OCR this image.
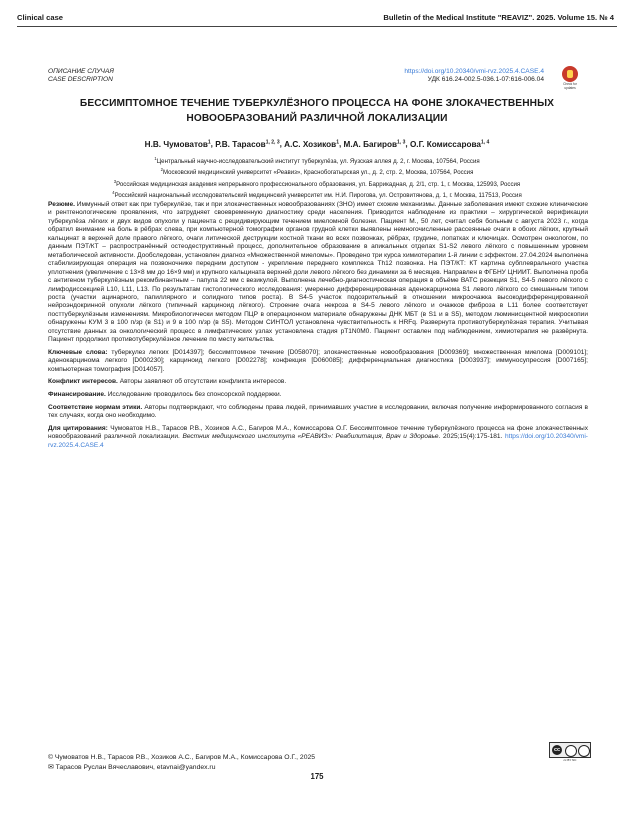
Clinical case	Bulletin of the Medical Institute "REAVIZ". 2025. Volume 15. № 4
ОПИСАНИЕ СЛУЧАЯ
CASE DESCRIPTION
https://doi.org/10.20340/vmi-rvz.2025.4.CASE.4
УДК 616.24-002.5-036.1-07:616-006.04
Check for updates
БЕССИМПТОМНОЕ ТЕЧЕНИЕ ТУБЕРКУЛЁЗНОГО ПРОЦЕССА НА ФОНЕ ЗЛОКАЧЕСТВЕННЫХ НОВООБРАЗОВАНИЙ РАЗЛИЧНОЙ ЛОКАЛИЗАЦИИ
Н.В. Чумоватов$^1$, Р.В. Тарасов$^{1, 2, 3}$, А.С. Хозиков$^1$, М.А. Багиров$^{1, 3}$, О.Г. Комиссарова$^{1, 4}$
$^1$Центральный научно-исследовательский институт туберкулёза, ул. Яузская аллея д. 2, г. Москва, 107564, Россия
$^2$Московский медицинский университет «Реавиз», Краснобогатырская ул., д. 2, стр. 2, Москва, 107564, Россия
$^3$Российская медицинская академия непрерывного профессионального образования, ул. Баррикадная, д. 2/1, стр. 1, г. Москва, 125993, Россия
$^4$Российский национальный исследовательский медицинский университет им. Н.И. Пирогова, ул. Островитянова, д. 1, г. Москва, 117513, Россия

Резюме. Иммунный ответ как при туберкулёзе, так и при злокачественных новообразованиях (ЗНО) имеет схожие механизмы. Данные заболевания имеют схожие клинические и рентгенологические проявления, что затрудняет своевременную диагностику среди населения. Приводится наблюдение из практики – хирургической верификации туберкулёза лёгких и двух видов опухоли у пациента с рецидивирующим течением миеломной болезни. Пациент М., 50 лет, считал себя больным с августа 2023 г., когда обратил внимание на боль в рёбрах слева, при компьютерной томографии органов грудной клетки выявлены немногочисленные рассеянные очаги в обоих лёгких, крупный кальцинат в верхней доле правого лёгкого, очаги литической деструкции костной ткани во всех позвонках, рёбрах, грудине, лопатках и ключицах. Осмотрен онкологом, по данным ПЭТ/КТ – распространённый остеодеструктивный процесс, дополнительное образование в апикальных отделах S1-S2 левого лёгкого с повышенным уровнем метаболической активности. Дообследован, установлен диагноз «Множественной миеломы». Проведено три курса химиотерапии 1-й линии с эффектом. 27.04.2024 выполнена стабилизирующая операция на позвоночнике передним доступом - укрепление переднего комплекса Th12 позвонка. На ПЭТ/КТ: КТ картина субплеврального участка уплотнения (увеличение с 13×8 мм до 16×9 мм) и крупного кальцината верхней доли левого лёгкого без динамики за 6 месяцев. Направлен в ФГБНУ ЦНИИТ. Выполнена проба с антигеном туберкулёзным рекомбинантным – папула 22 мм с везикулой. Выполнена лечебно-диагностическая операция в объёме ВАТС резекция S1, S4-5 левого лёгкого с лимфодиссекцией L10, L11, L13. По результатам гистологического исследования: умеренно дифференцированная аденокарцинома S1 левого лёгкого со смешанным типом роста (участки ацинарного, папиллярного и солидного типов роста). В S4-5 участок подозрительный в отношении микроочажка высокодифференцированной нейроэндокринной опухоли лёгкого (типичный карциноид лёгкого). Строение очага некроза в S4-5 левого лёгкого и очажков фиброза в L11 более соответствует посттуберкулёзным изменениям. Микробиологически методом ПЦР в операционном материале обнаружены ДНК МБТ (в S1 и в S5), методом люминисцентной микроскопии обнаружены КУМ 3 в 100 п/зр (в S1) и 9 в 100 п/зр (в S5). Методом СИНТОЛ установлена чувствительность к HRFq. Развернута противотуберкулёзная терапия. Учитывая отсутствие данных за онкологический процесс в лимфатических узлах установлена стадия pT1N0M0. Пациент оставлен под наблюдением, химиотерапия не развёрнута. Пациент продолжил противотуберкулёзное лечение по месту жительства.

Ключевые слова: туберкулез легких [D014397]; бессимптомное течение [D058070]; злокачественные новообразования [D009369]; множественная миелома [D009101]; аденокарцинома легкого [D000230]; карциноид легкого [D002278]; конфекция [D060085]; дифференциальная диагностика [D003937]; иммуносупрессия [D007165]; компьютерная томография [D014057].

Конфликт интересов. Авторы заявляют об отсутствии конфликта интересов.

Финансирование. Исследование проводилось без спонсорской поддержки.

Соответствие нормам этики. Авторы подтверждают, что соблюдены права людей, принимавших участие в исследовании, включая получение информированного согласия в тех случаях, когда оно необходимо.

Для цитирования: Чумоватов Н.В., Тарасов Р.В., Хозиков А.С., Багиров М.А., Комиссарова О.Г. Бессимптомное течение туберкулёзного процесса на фоне злокачественных новообразований различной локализации. Вестник медицинского института «РЕАВИЗ»: Реабилитация, Врач и Здоровье. 2025;15(4):175-181. https://doi.org/10.20340/vmi-rvz.2025.4.CASE.4

© Чумоватов Н.В., Тарасов Р.В., Хозиков А.С., Багиров М.А., Комиссарова О.Г., 2025
✉ Тарасов Руслан Вячеславович, etavnai@yandex.ru
cc
cc BY NC
175
